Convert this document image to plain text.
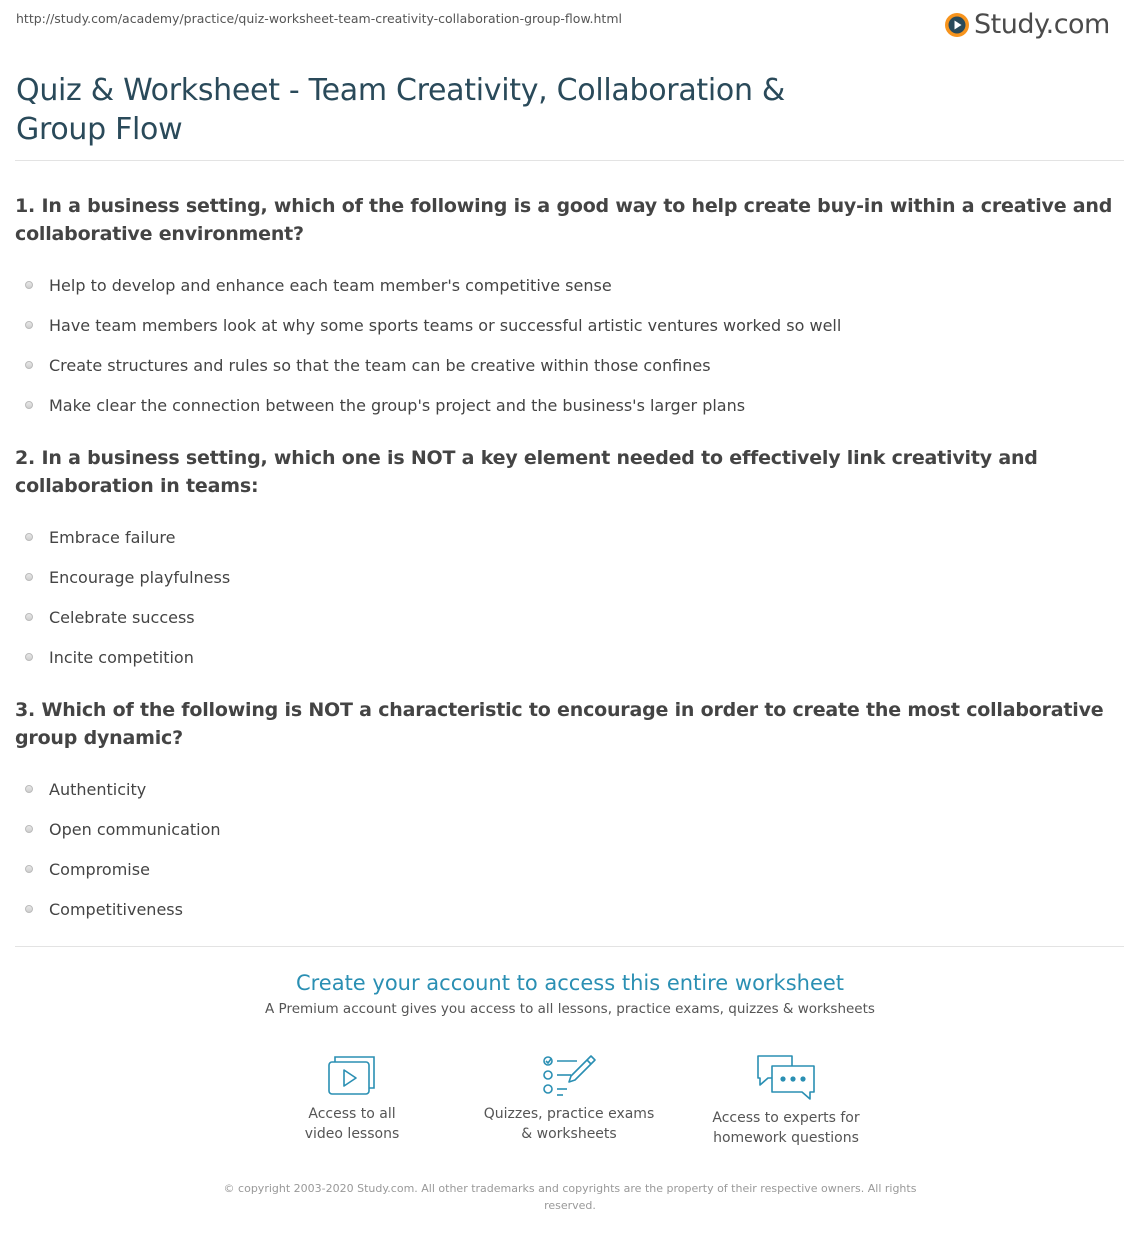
http://study.com/academy/practice/quiz-worksheet-team-creativity-collaboration-group-flow.html	Study.com
Quiz & Worksheet - Team Creativity, Collaboration & Group Flow

1. In a business setting, which of the following is a good way to help create buy-in within a creative and collaborative environment?

Help to develop and enhance each team member's competitive sense
Have team members look at why some sports teams or successful artistic ventures worked so well
Create structures and rules so that the team can be creative within those confines
Make clear the connection between the group's project and the business's larger plans

2. In a business setting, which one is NOT a key element needed to effectively link creativity and collaboration in teams:

Embrace failure
Encourage playfulness
Celebrate success
Incite competition

3. Which of the following is NOT a characteristic to encourage in order to create the most collaborative group dynamic?

Authenticity
Open communication
Compromise
Competitiveness

Create your account to access this entire worksheet

A Premium account gives you access to all lessons, practice exams, quizzes & worksheets

Access to all
video lessons
Quizzes, practice exams
& worksheets
Access to experts for
homework questions
© copyright 2003-2020 Study.com. All other trademarks and copyrights are the property of their respective owners. All rights reserved.
